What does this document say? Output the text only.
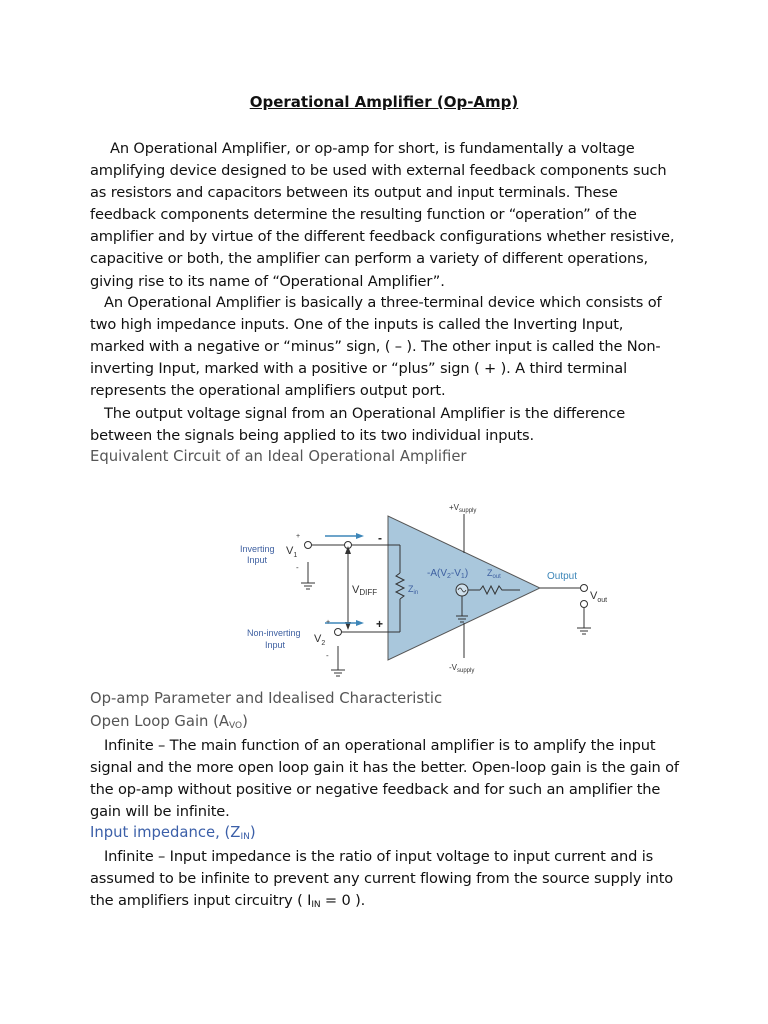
Operational Amplifier (Op-Amp)
An Operational Amplifier, or op-amp for short, is fundamentally a voltage
amplifying device designed to be used with external feedback components such
as resistors and capacitors between its output and input terminals. These
feedback components determine the resulting function or “operation” of the
amplifier and by virtue of the different feedback configurations whether resistive,
capacitive or both, the amplifier can perform a variety of different operations,
giving rise to its name of “Operational Amplifier”.
An Operational Amplifier is basically a three-terminal device which consists of
two high impedance inputs. One of the inputs is called the Inverting Input,
marked with a negative or “minus” sign, ( – ). The other input is called the Non-
inverting Input, marked with a positive or “plus” sign ( + ). A third terminal
represents the operational amplifiers output port.
The output voltage signal from an Operational Amplifier is the difference
between the signals being applied to its two individual inputs.
Equivalent Circuit of an Ideal Operational Amplifier
$+V_{supply}$
$-V_{supply}$
Inverting
Input
$V_1$
+
-
Non-inverting
Input	$V_2$
+
-
VDIFF
-
+
$Z_{in}$
$-A(V_2-V_1)$ $Z_{out}$	Output
$V_{out}$
Op-amp Parameter and Idealised Characteristic
Open Loop Gain $(A_{VO})$
Infinite – The main function of an operational amplifier is to amplify the input
signal and the more open loop gain it has the better. Open-loop gain is the gain of
the op-amp without positive or negative feedback and for such an amplifier the
gain will be infinite.
Input impedance, $(Z_{IN})$
Infinite – Input impedance is the ratio of input voltage to input current and is
assumed to be infinite to prevent any current flowing from the source supply into
the amplifiers input circuitry ( $I_{IN} = 0$ ).
